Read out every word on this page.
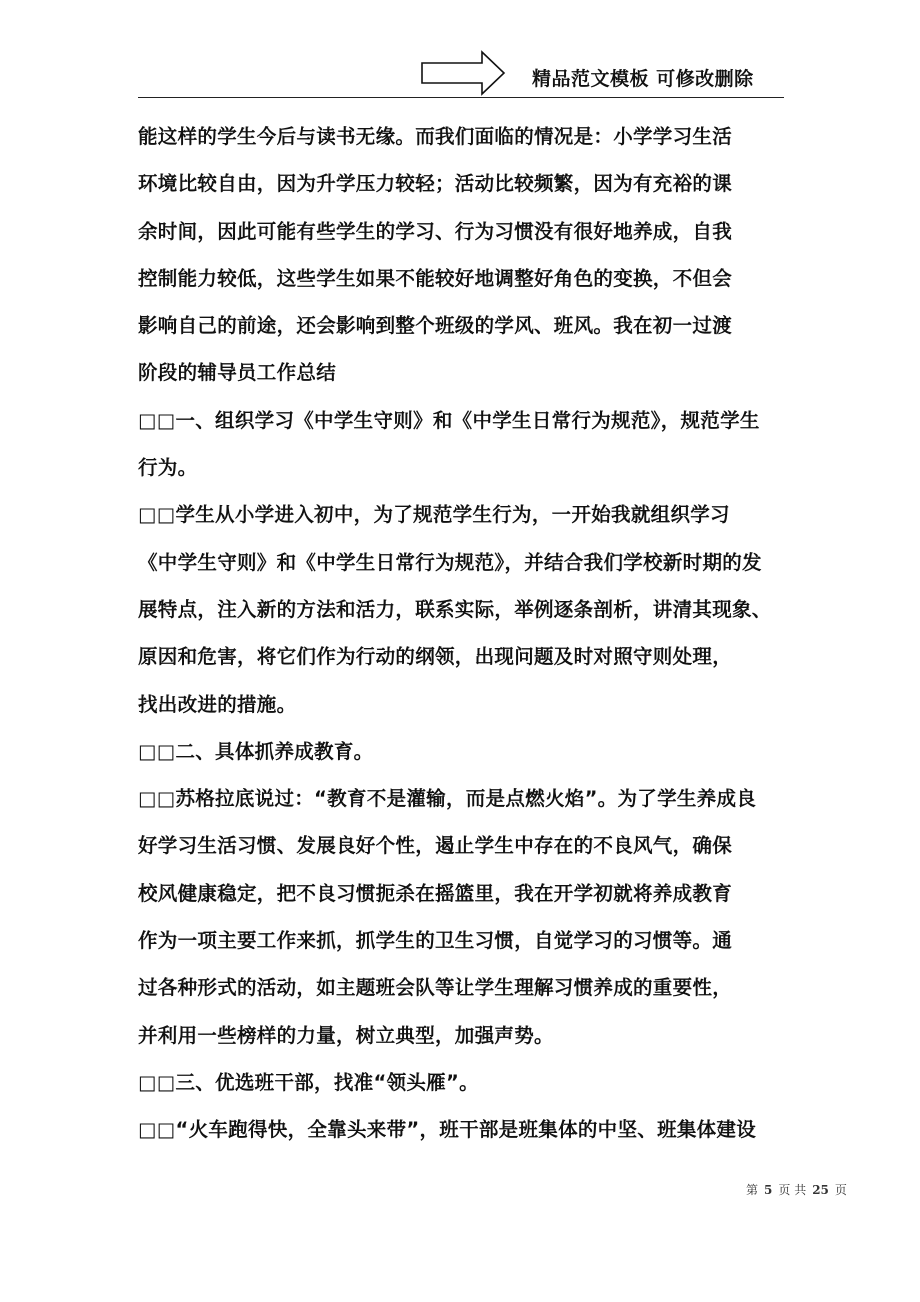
精品范文模板 可修改删除
能这样的学生今后与读书无缘。而我们面临的情况是：小学学习生活
环境比较自由，因为升学压力较轻；活动比较频繁，因为有充裕的课
余时间，因此可能有些学生的学习、行为习惯没有很好地养成，自我
控制能力较低，这些学生如果不能较好地调整好角色的变换，不但会
影响自己的前途，还会影响到整个班级的学风、班风。我在初一过渡
阶段的辅导员工作总结
□□一、组织学习《中学生守则》和《中学生日常行为规范》，规范学生
行为。
□□学生从小学进入初中，为了规范学生行为，一开始我就组织学习
《中学生守则》和《中学生日常行为规范》，并结合我们学校新时期的发
展特点，注入新的方法和活力，联系实际，举例逐条剖析，讲清其现象、
原因和危害，将它们作为行动的纲领，出现问题及时对照守则处理，
找出改进的措施。
□□二、具体抓养成教育。
□□苏格拉底说过：“教育不是灌输，而是点燃火焰”。为了学生养成良
好学习生活习惯、发展良好个性，遏止学生中存在的不良风气，确保
校风健康稳定，把不良习惯扼杀在摇篮里，我在开学初就将养成教育
作为一项主要工作来抓，抓学生的卫生习惯，自觉学习的习惯等。通
过各种形式的活动，如主题班会队等让学生理解习惯养成的重要性，
并利用一些榜样的力量，树立典型，加强声势。
□□三、优选班干部，找准“领头雁”。
□□“火车跑得快，全靠头来带”，班干部是班集体的中坚、班集体建设
第 5 页 共 25 页
